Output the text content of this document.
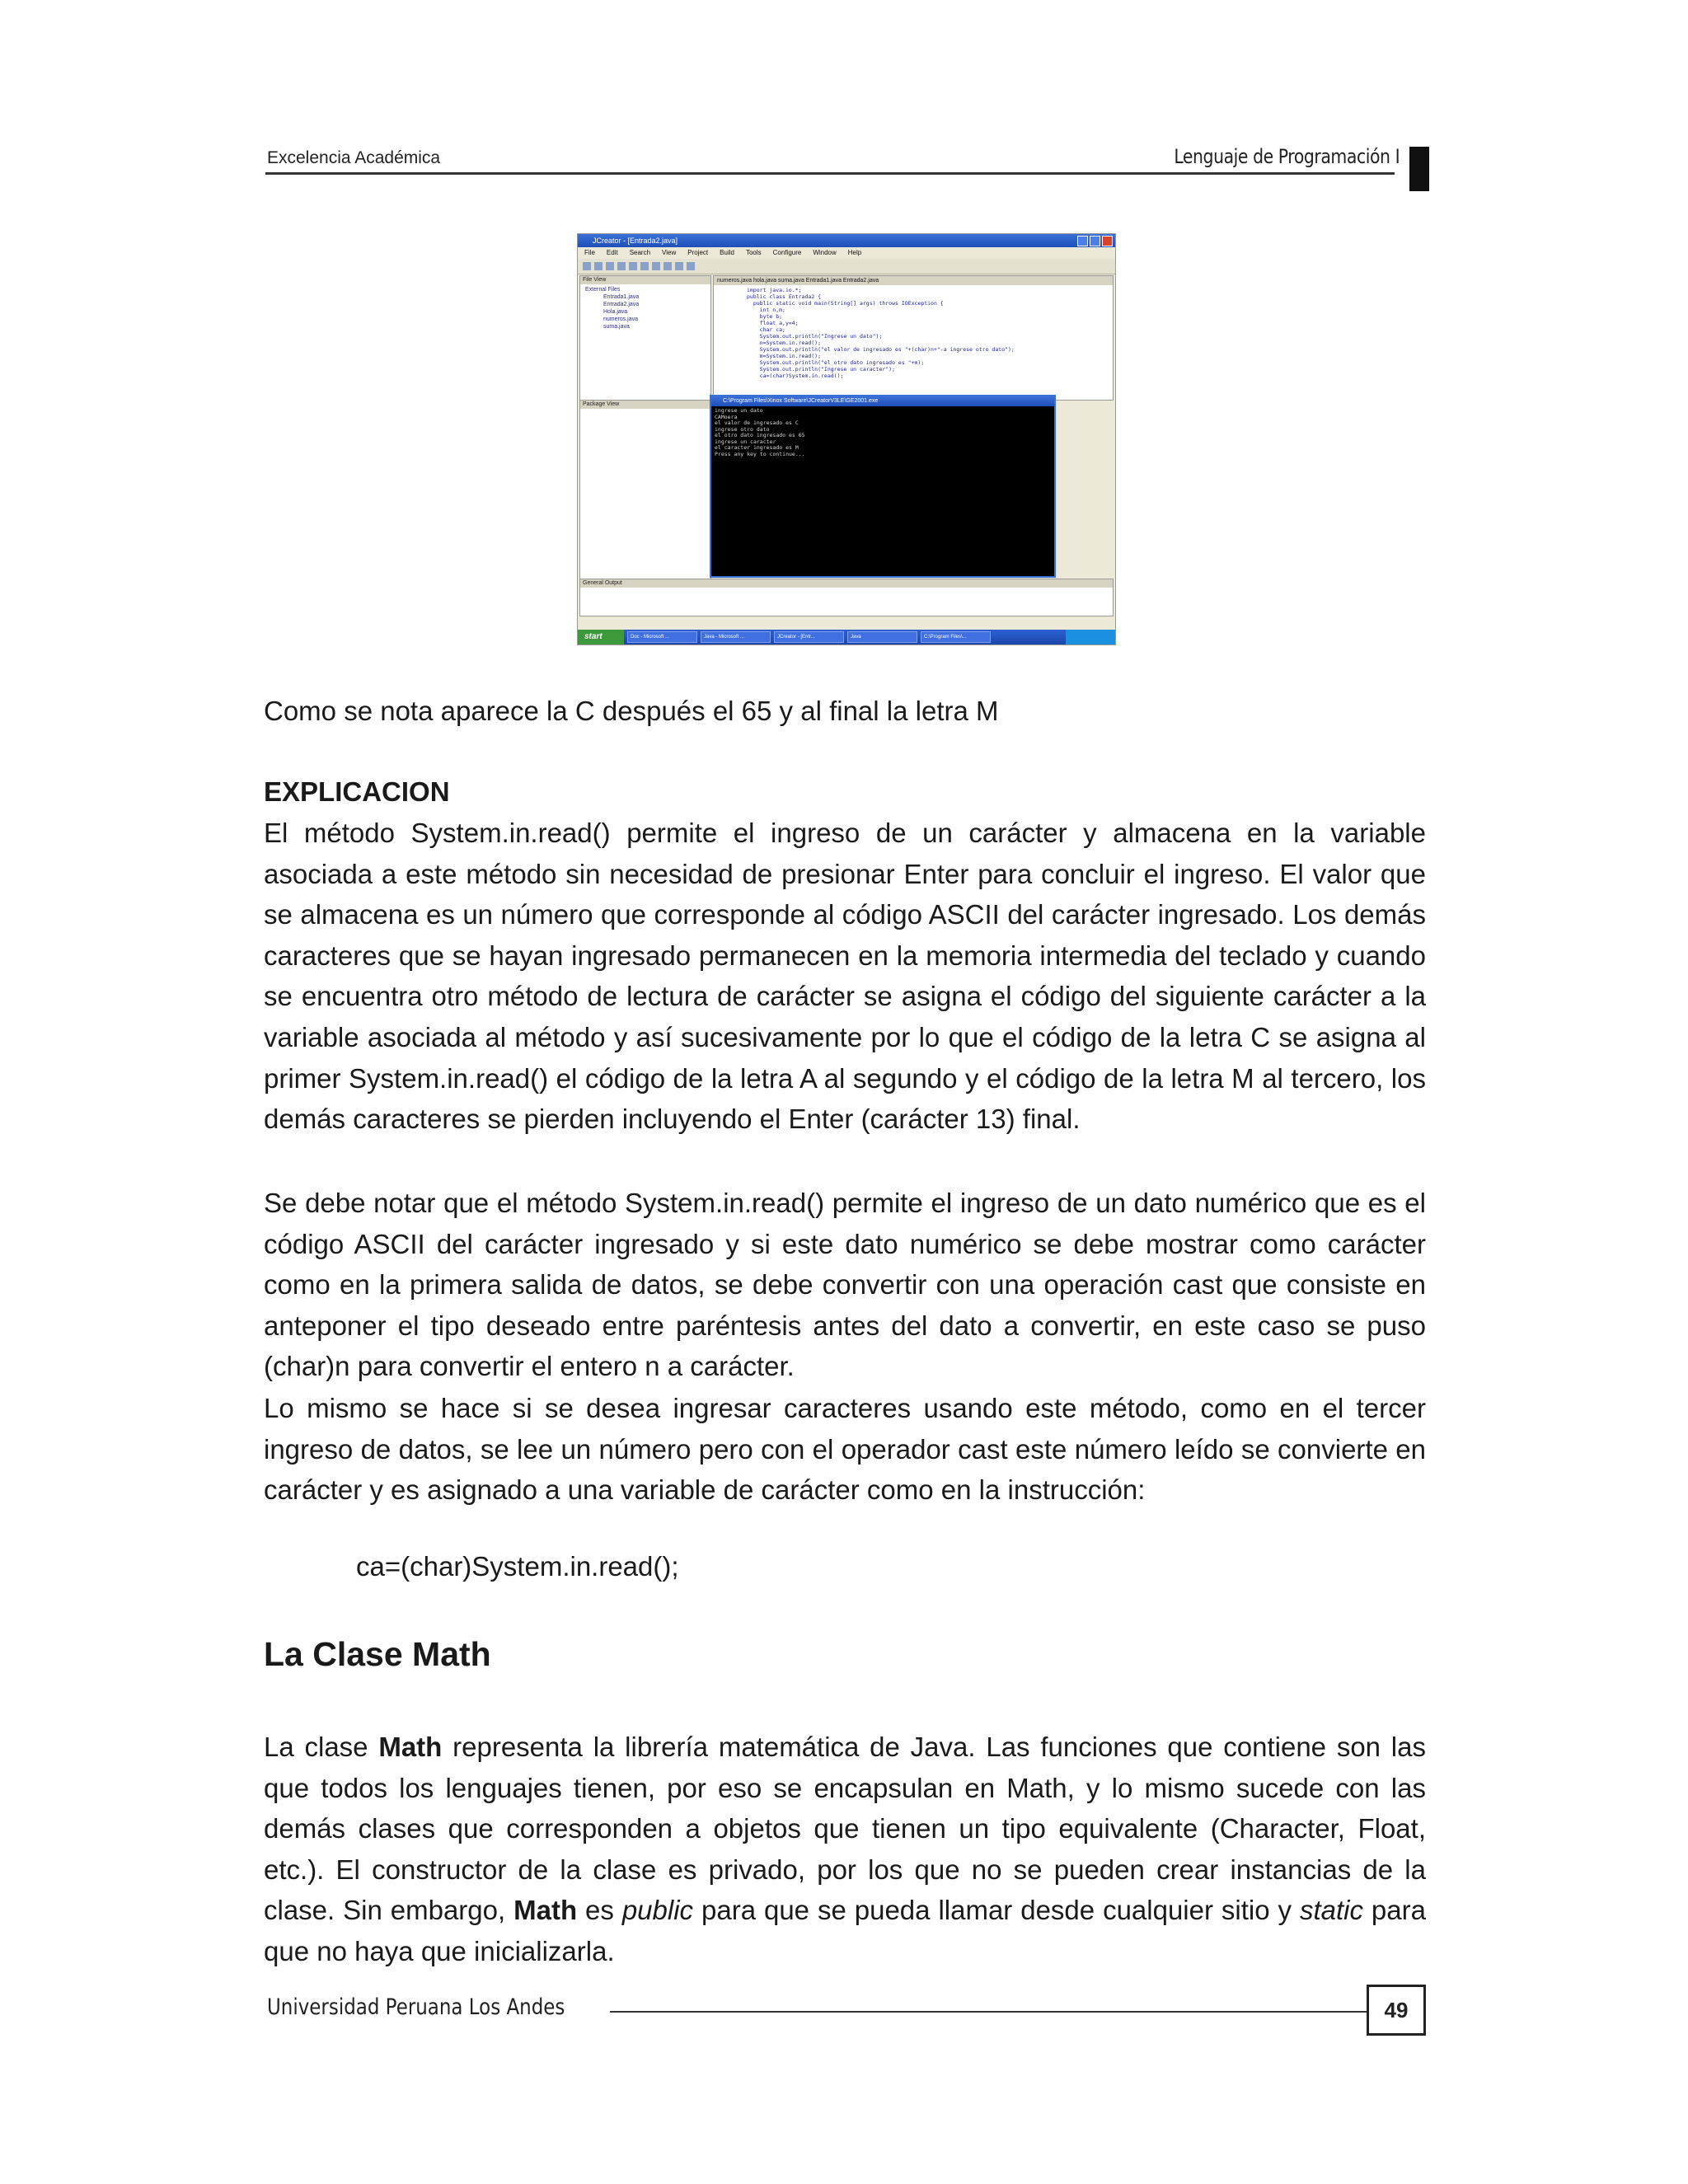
Excelencia Académica	Lenguaje de Programación I
JCreator - [Entrada2.java]
File Edit Search View Project Build Tools Configure Window Help
File View
External Files
Entrada1.java
Entrada2.java
Hola.java
numeros.java
suma.java
Package View
numeros.java hola.java suma.java Entrada1.java Entrada2.java
import java.io.*;
public class Entrada2 {
public static void main(String[] args) throws IOException {
int n,m;
byte b;
float a,y=4;
char ca;
System.out.println("Ingrese un dato");
n=System.in.read();
System.out.println("el valor de ingresado es "+(char)n+"-a ingrese otro dato");
m=System.in.read();
System.out.println("el otro dato ingresado es "+m);
System.out.println("Ingrese un caracter");
ca=(char)System.in.read();
C:\Program Files\Xinox Software\JCreatorV3LE\GE2001.exe
ingrese un dato
CAMoera
el valor de ingresado es C
ingrese otro dato
el otro dato ingresado es 65
ingrese un caracter
el caracter ingresado es M
Press any key to continue...
General Output
start	Doc - Microsoft ...	Java - Microsoft ...	JCreator - [Entr...	Java	C:\Program Files\...
Como se nota aparece la C después el 65 y al final la letra M
EXPLICACION
El método System.in.read() permite el ingreso de un carácter y almacena en la variable asociada a este método sin necesidad de presionar Enter para concluir el ingreso. El valor que se almacena es un número que corresponde al código ASCII del carácter ingresado. Los demás caracteres que se hayan ingresado permanecen en la memoria intermedia del teclado y cuando se encuentra otro método de lectura de carácter se asigna el código del siguiente carácter a la variable asociada al método y así sucesivamente por lo que el código de la letra C se asigna al primer System.in.read() el código de la letra A al segundo y el código de la letra M al tercero, los demás caracteres se pierden incluyendo el Enter (carácter 13) final.
Se debe notar que el método System.in.read() permite el ingreso de un dato numérico que es el código ASCII del carácter ingresado y si este dato numérico se debe mostrar como carácter como en la primera salida de datos, se debe convertir con una operación cast que consiste en anteponer el tipo deseado entre paréntesis antes del dato a convertir, en este caso se puso (char)n para convertir el entero n a carácter.
Lo mismo se hace si se desea ingresar caracteres usando este método, como en el tercer ingreso de datos, se lee un número pero con el operador cast este número leído se convierte en carácter y es asignado a una variable de carácter como en la instrucción:
ca=(char)System.in.read();
La Clase Math
La clase Math representa la librería matemática de Java. Las funciones que contiene son las que todos los lenguajes tienen, por eso se encapsulan en Math, y lo mismo sucede con las demás clases que corresponden a objetos que tienen un tipo equivalente (Character, Float, etc.). El constructor de la clase es privado, por los que no se pueden crear instancias de la clase. Sin embargo, Math es public para que se pueda llamar desde cualquier sitio y static para que no haya que inicializarla.
Universidad Peruana Los Andes	49
